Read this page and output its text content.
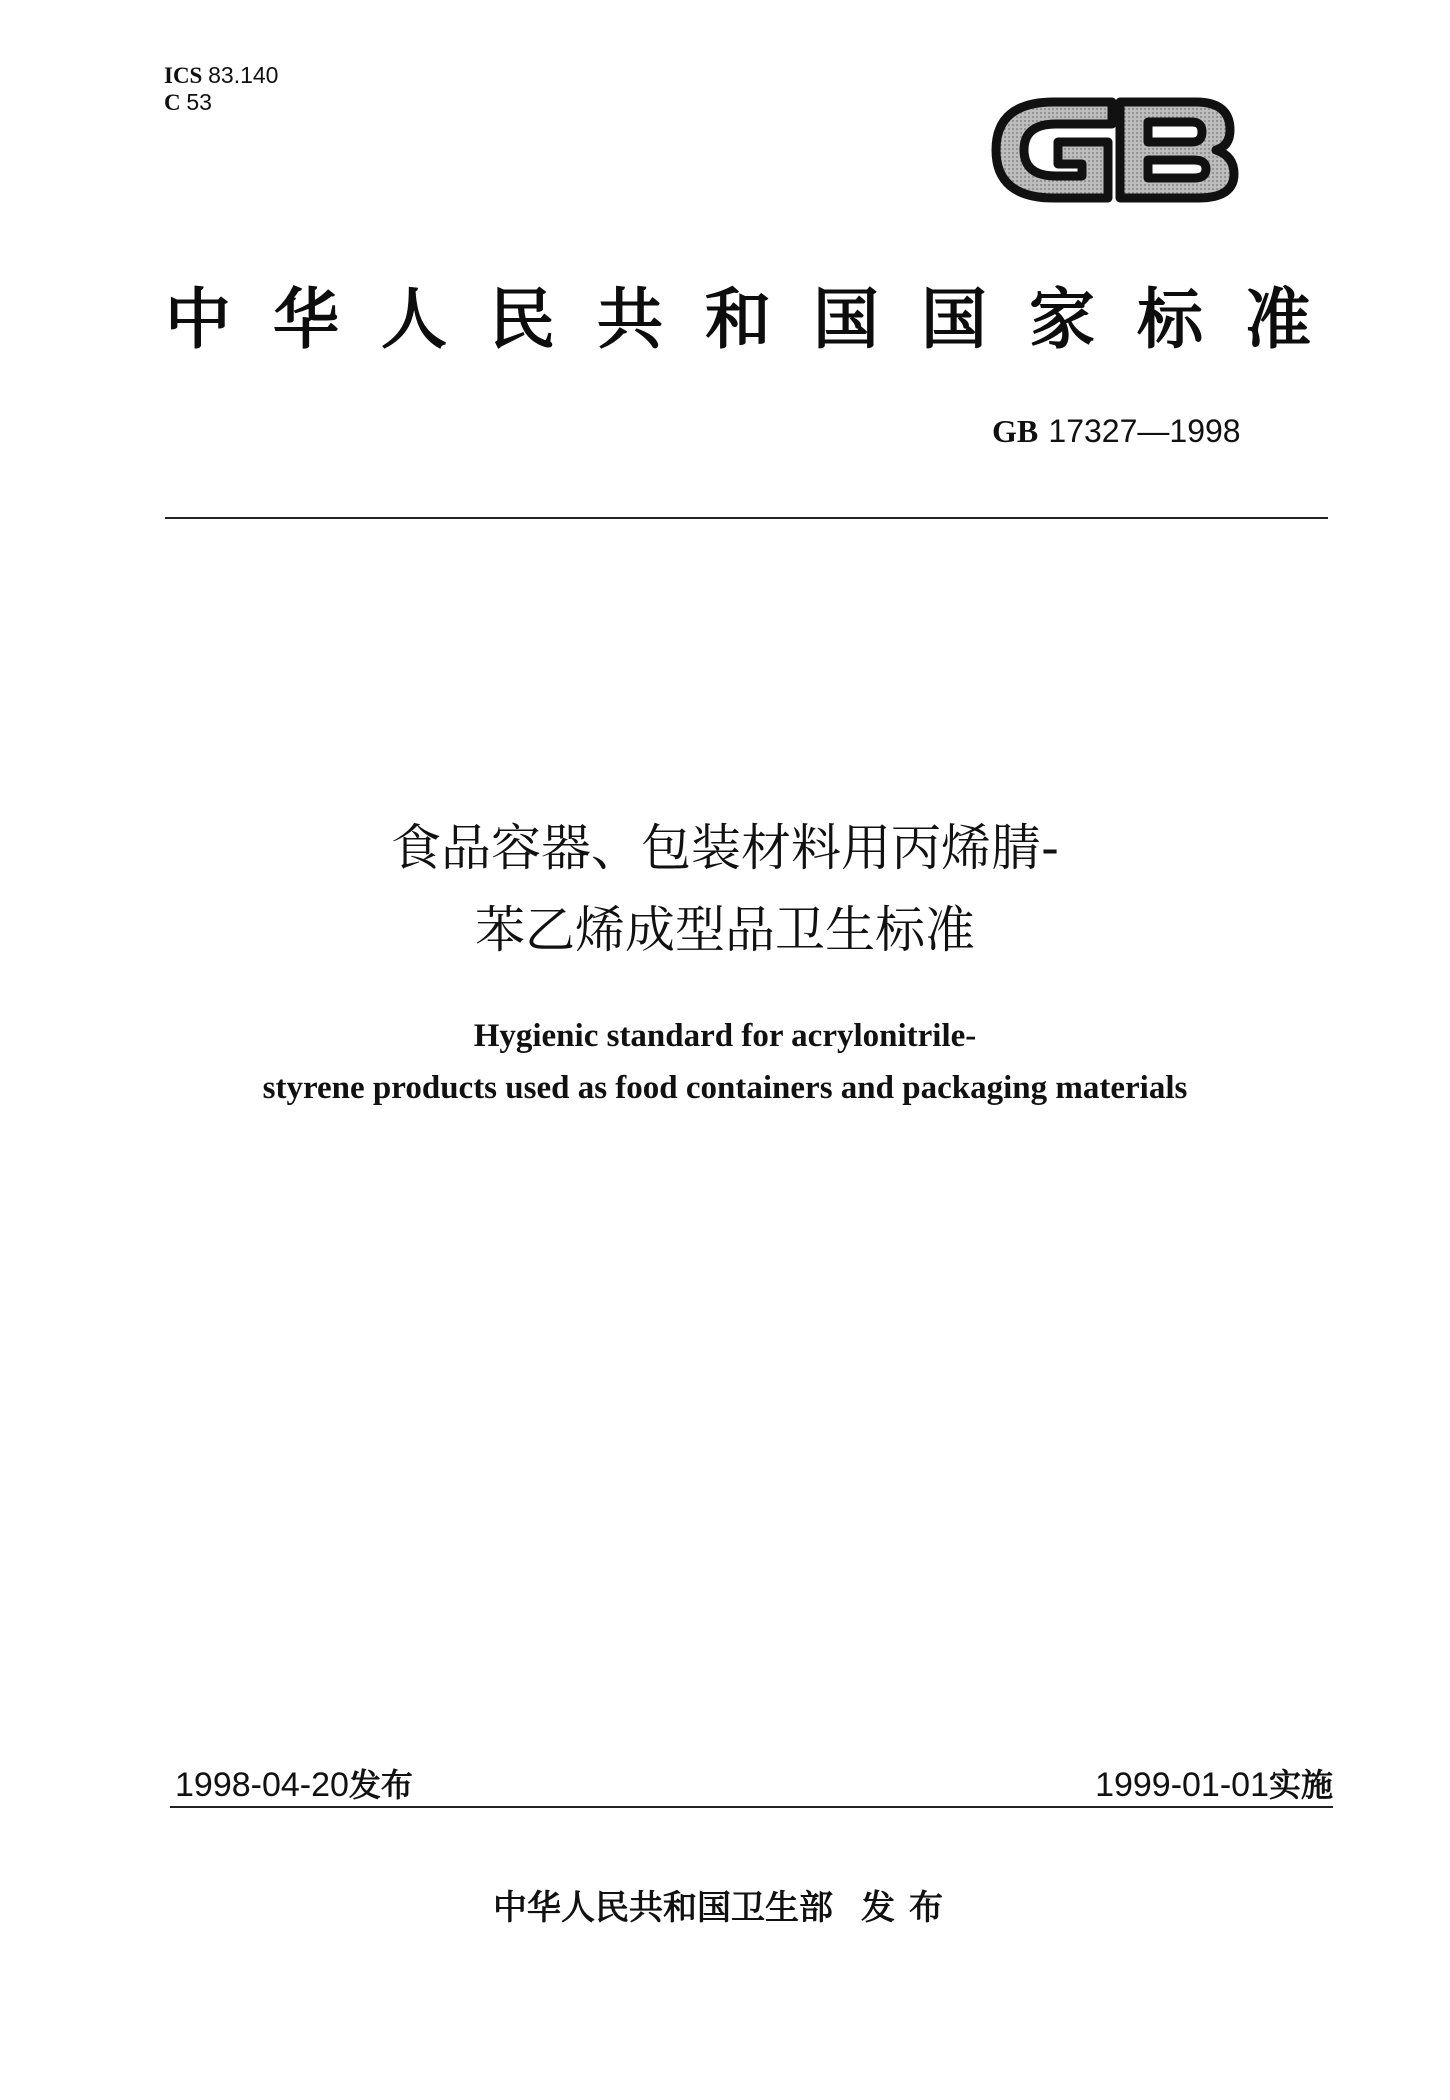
ICS 83.140
C 53
中华人民共和国国家标准
GB 17327—1998
食品容器、包装材料用丙烯腈-
苯乙烯成型品卫生标准
Hygienic standard for acrylonitrile-
styrene products used as food containers and packaging materials
1998-04-20发布	1999-01-01实施
中华人民共和国卫生部 发布
